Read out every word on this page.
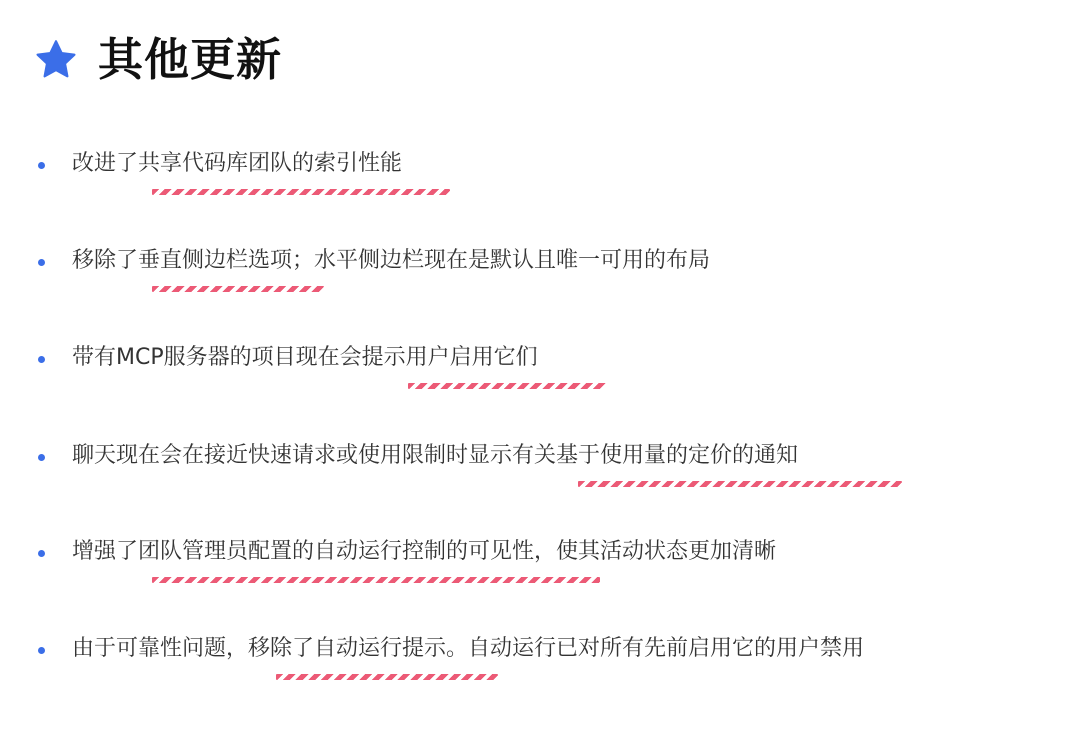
其他更新
改进了共享代码库团队的索引性能
移除了垂直侧边栏选项；水平侧边栏现在是默认且唯一可用的布局
带有MCP服务器的项目现在会提示用户启用它们
聊天现在会在接近快速请求或使用限制时显示有关基于使用量的定价的通知
增强了团队管理员配置的自动运行控制的可见性，使其活动状态更加清晰
由于可靠性问题，移除了自动运行提示。自动运行已对所有先前启用它的用户禁用
